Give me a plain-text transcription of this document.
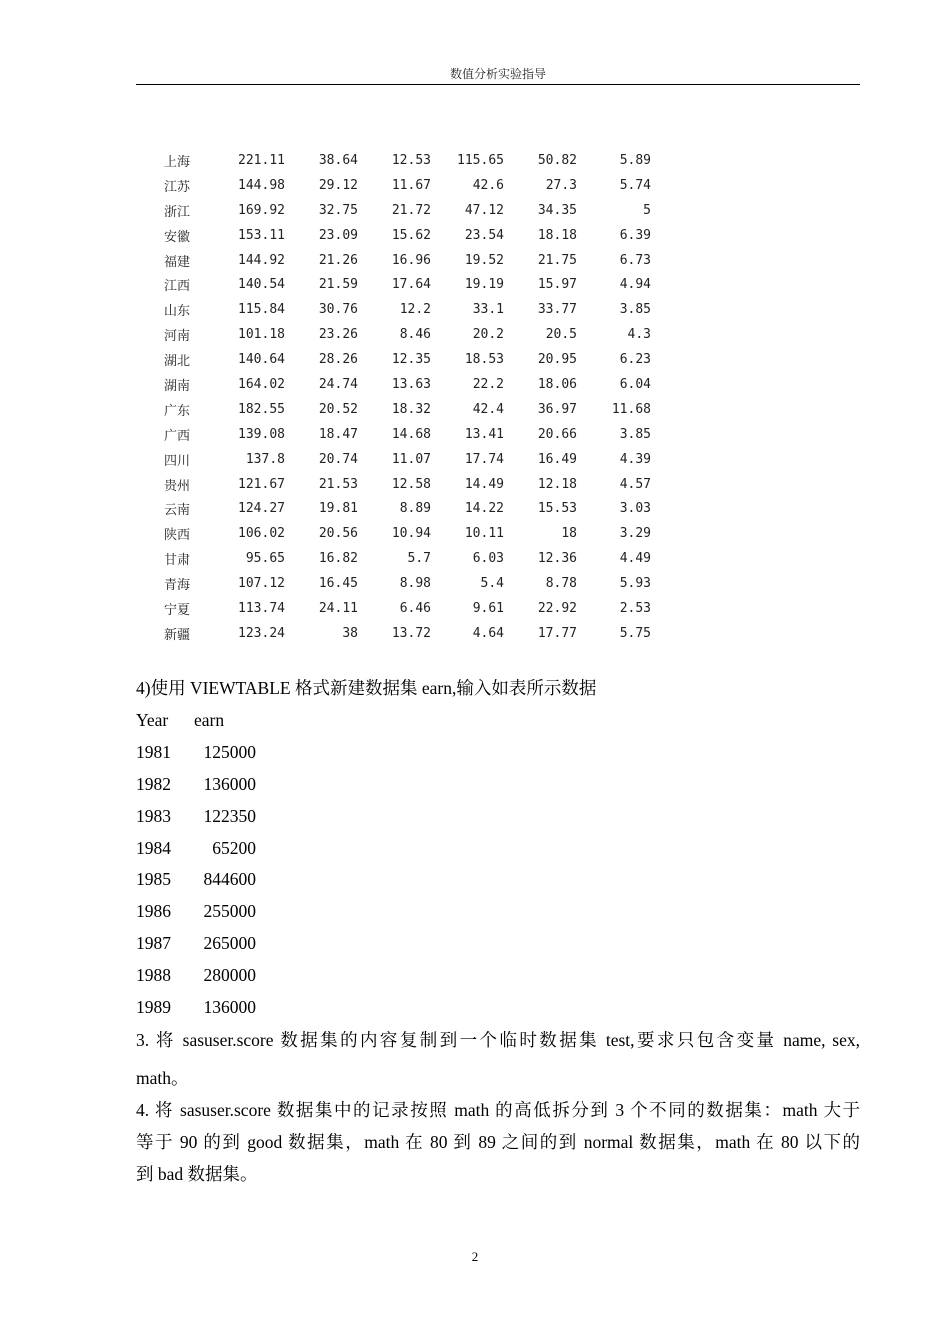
数值分析实验指导
上海	221.11	38.64	12.53	115.65	50.82	5.89
江苏	144.98	29.12	11.67	42.6	27.3	5.74
浙江	169.92	32.75	21.72	47.12	34.35	5
安徽	153.11	23.09	15.62	23.54	18.18	6.39
福建	144.92	21.26	16.96	19.52	21.75	6.73
江西	140.54	21.59	17.64	19.19	15.97	4.94
山东	115.84	30.76	12.2	33.1	33.77	3.85
河南	101.18	23.26	8.46	20.2	20.5	4.3
湖北	140.64	28.26	12.35	18.53	20.95	6.23
湖南	164.02	24.74	13.63	22.2	18.06	6.04
广东	182.55	20.52	18.32	42.4	36.97	11.68
广西	139.08	18.47	14.68	13.41	20.66	3.85
四川	137.8	20.74	11.07	17.74	16.49	4.39
贵州	121.67	21.53	12.58	14.49	12.18	4.57
云南	124.27	19.81	8.89	14.22	15.53	3.03
陕西	106.02	20.56	10.94	10.11	18	3.29
甘肃	95.65	16.82	5.7	6.03	12.36	4.49
青海	107.12	16.45	8.98	5.4	8.78	5.93
宁夏	113.74	24.11	6.46	9.61	22.92	2.53
新疆	123.24	38	13.72	4.64	17.77	5.75
4)使用 VIEWTABLE 格式新建数据集 earn,输入如表所示数据
Year	earn
1981	125000
1982	136000
1983	122350
1984	65200
1985	844600
1986	255000
1987	265000
1988	280000
1989	136000
3. 将 sasuser.score 数据集的内容复制到一个临时数据集 test,要求只包含变量 name, sex,
math。
4. 将 sasuser.score 数据集中的记录按照 math 的高低拆分到 3 个不同的数据集：math 大于
等于 90 的到 good 数据集，math 在 80 到 89 之间的到 normal 数据集，math 在 80 以下的
到 bad 数据集。
2
